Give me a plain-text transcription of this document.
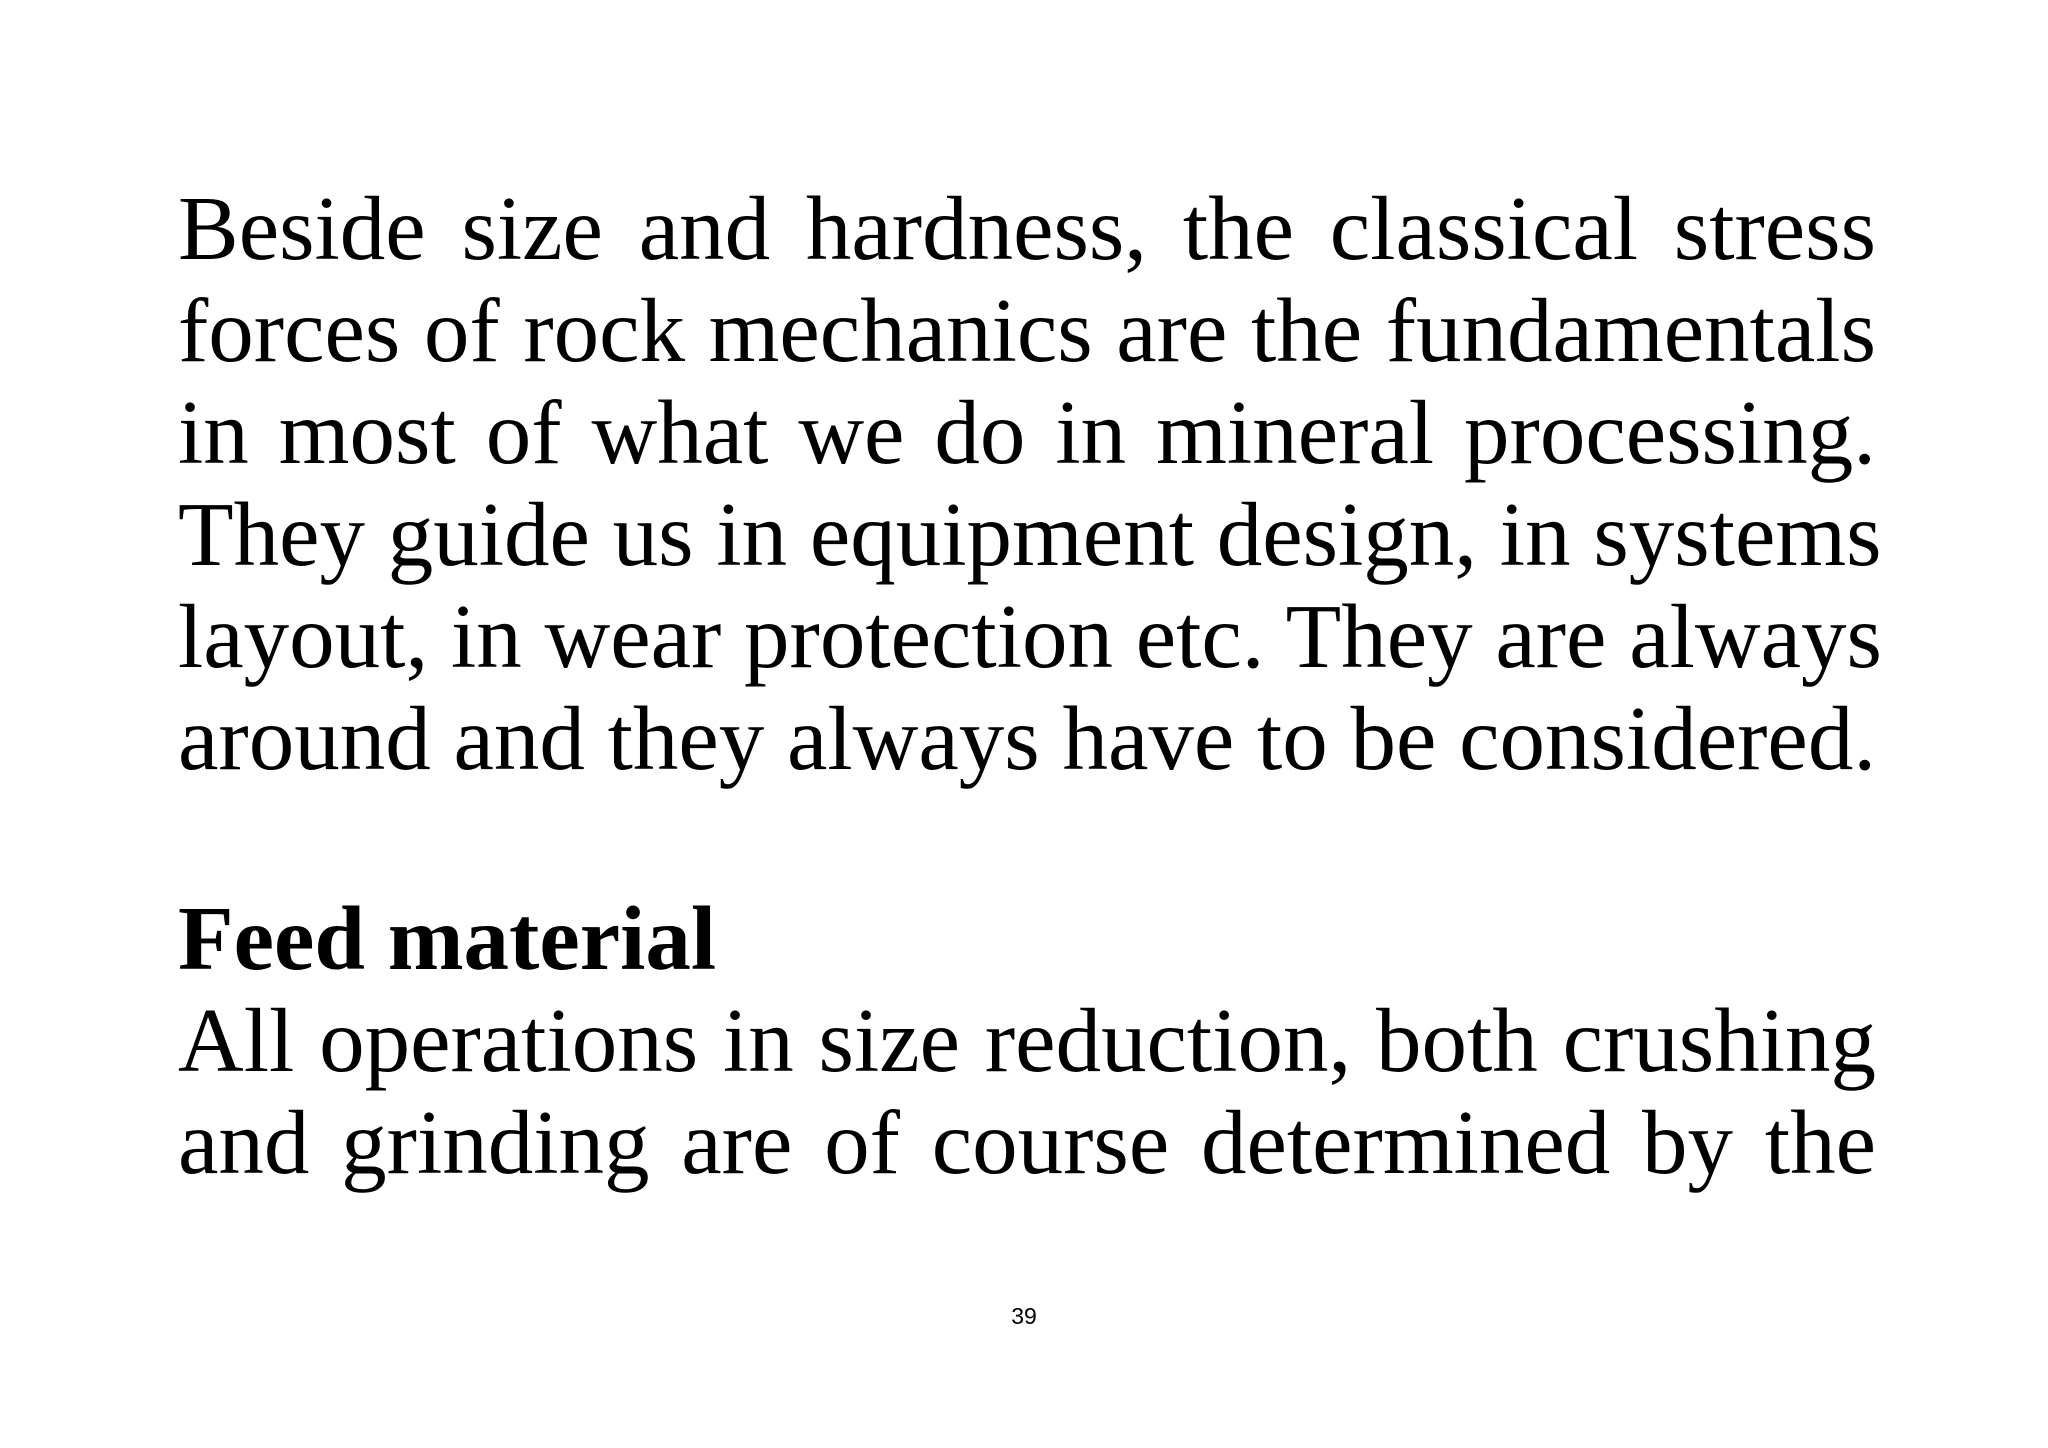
Beside size and hardness, the classical stress
forces of rock mechanics are the fundamentals
in most of what we do in mineral processing.
They guide us in equipment design, in systems
layout, in wear protection etc. They are always
around and they always have to be considered.
Feed material
All operations in size reduction, both crushing
and grinding are of course determined by the
39
